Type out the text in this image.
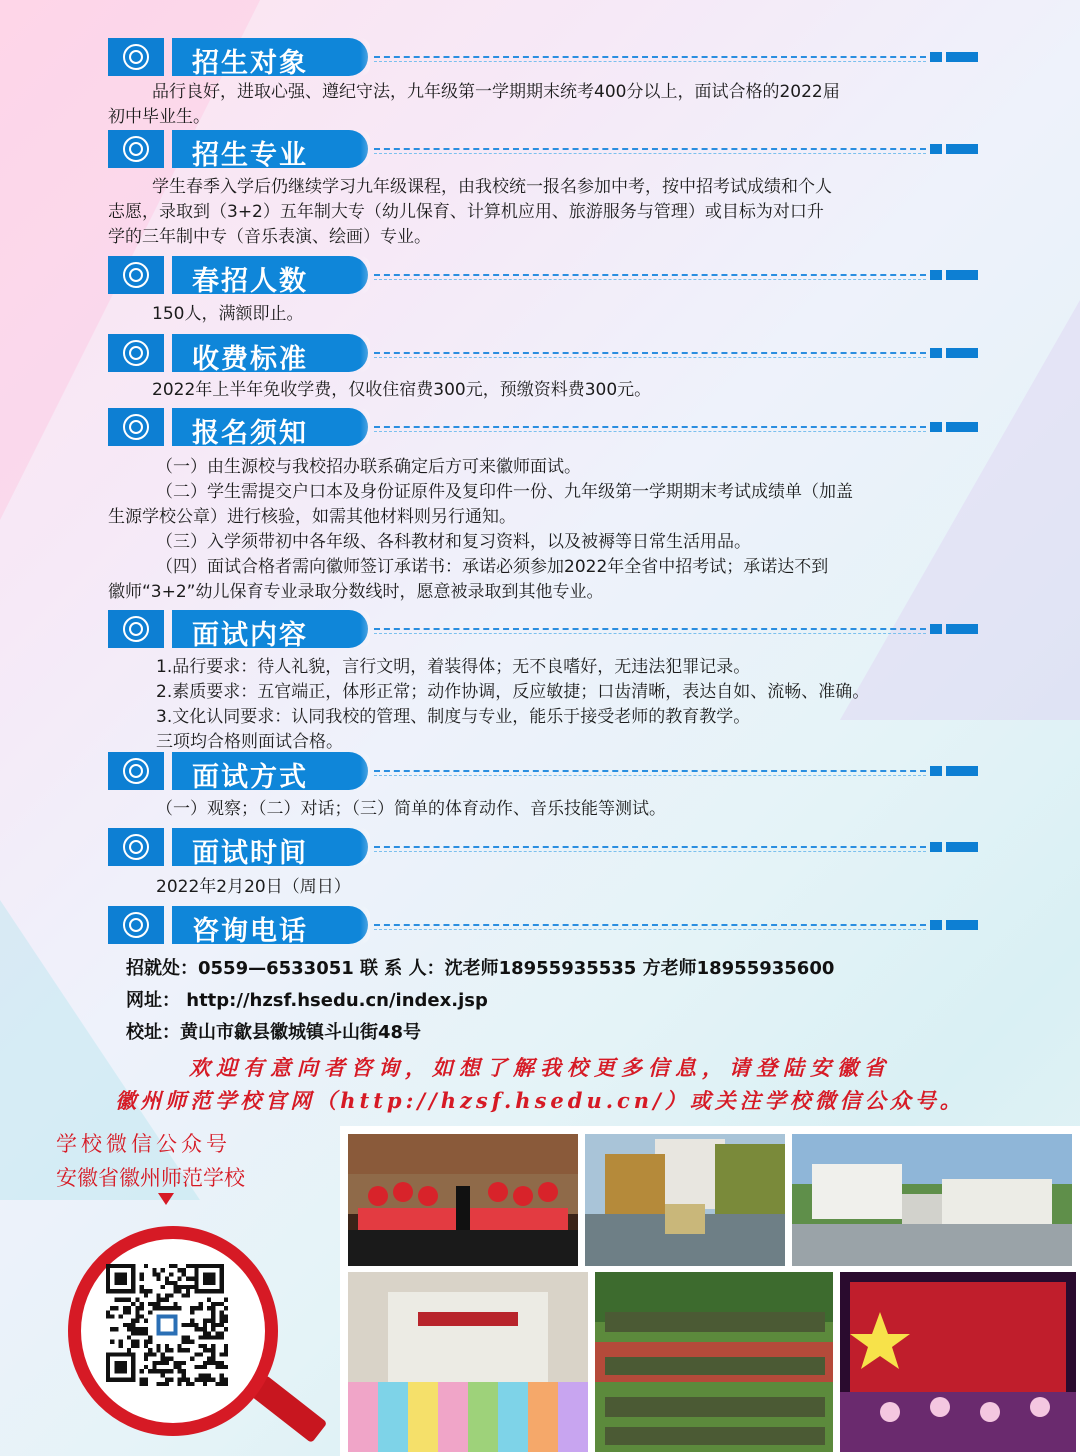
招生对象

品行良好，进取心强、遵纪守法，九年级第一学期期末统考400分以上，面试合格的2022届

初中毕业生。

招生专业

学生春季入学后仍继续学习九年级课程，由我校统一报名参加中考，按中招考试成绩和个人

志愿，录取到（3+2）五年制大专（幼儿保育、计算机应用、旅游服务与管理）或目标为对口升

学的三年制中专（音乐表演、绘画）专业。

春招人数

150人，满额即止。

收费标准

2022年上半年免收学费，仅收住宿费300元，预缴资料费300元。

报名须知

（一）由生源校与我校招办联系确定后方可来徽师面试。

（二）学生需提交户口本及身份证原件及复印件一份、九年级第一学期期末考试成绩单（加盖

生源学校公章）进行核验，如需其他材料则另行通知。

（三）入学须带初中各年级、各科教材和复习资料，以及被褥等日常生活用品。

（四）面试合格者需向徽师签订承诺书：承诺必须参加2022年全省中招考试；承诺达不到

徽师“3+2”幼儿保育专业录取分数线时，愿意被录取到其他专业。

面试内容

1.品行要求：待人礼貌，言行文明，着装得体；无不良嗜好，无违法犯罪记录。

2.素质要求：五官端正，体形正常；动作协调，反应敏捷；口齿清晰，表达自如、流畅、准确。

3.文化认同要求：认同我校的管理、制度与专业，能乐于接受老师的教育教学。

三项均合格则面试合格。

面试方式

（一）观察；（二）对话；（三）简单的体育动作、音乐技能等测试。

面试时间

2022年2月20日（周日）

咨询电话
招就处：0559—6533051 联 系 人：沈老师18955935535 方老师18955935600
网址： http://hzsf.hsedu.cn/index.jsp
校址：黄山市歙县徽城镇斗山街48号
欢迎有意向者咨询，如想了解我校更多信息，请登陆安徽省
徽州师范学校官网（http://hzsf.hsedu.cn/）或关注学校微信公众号。
学校微信公众号
安徽省徽州师范学校
